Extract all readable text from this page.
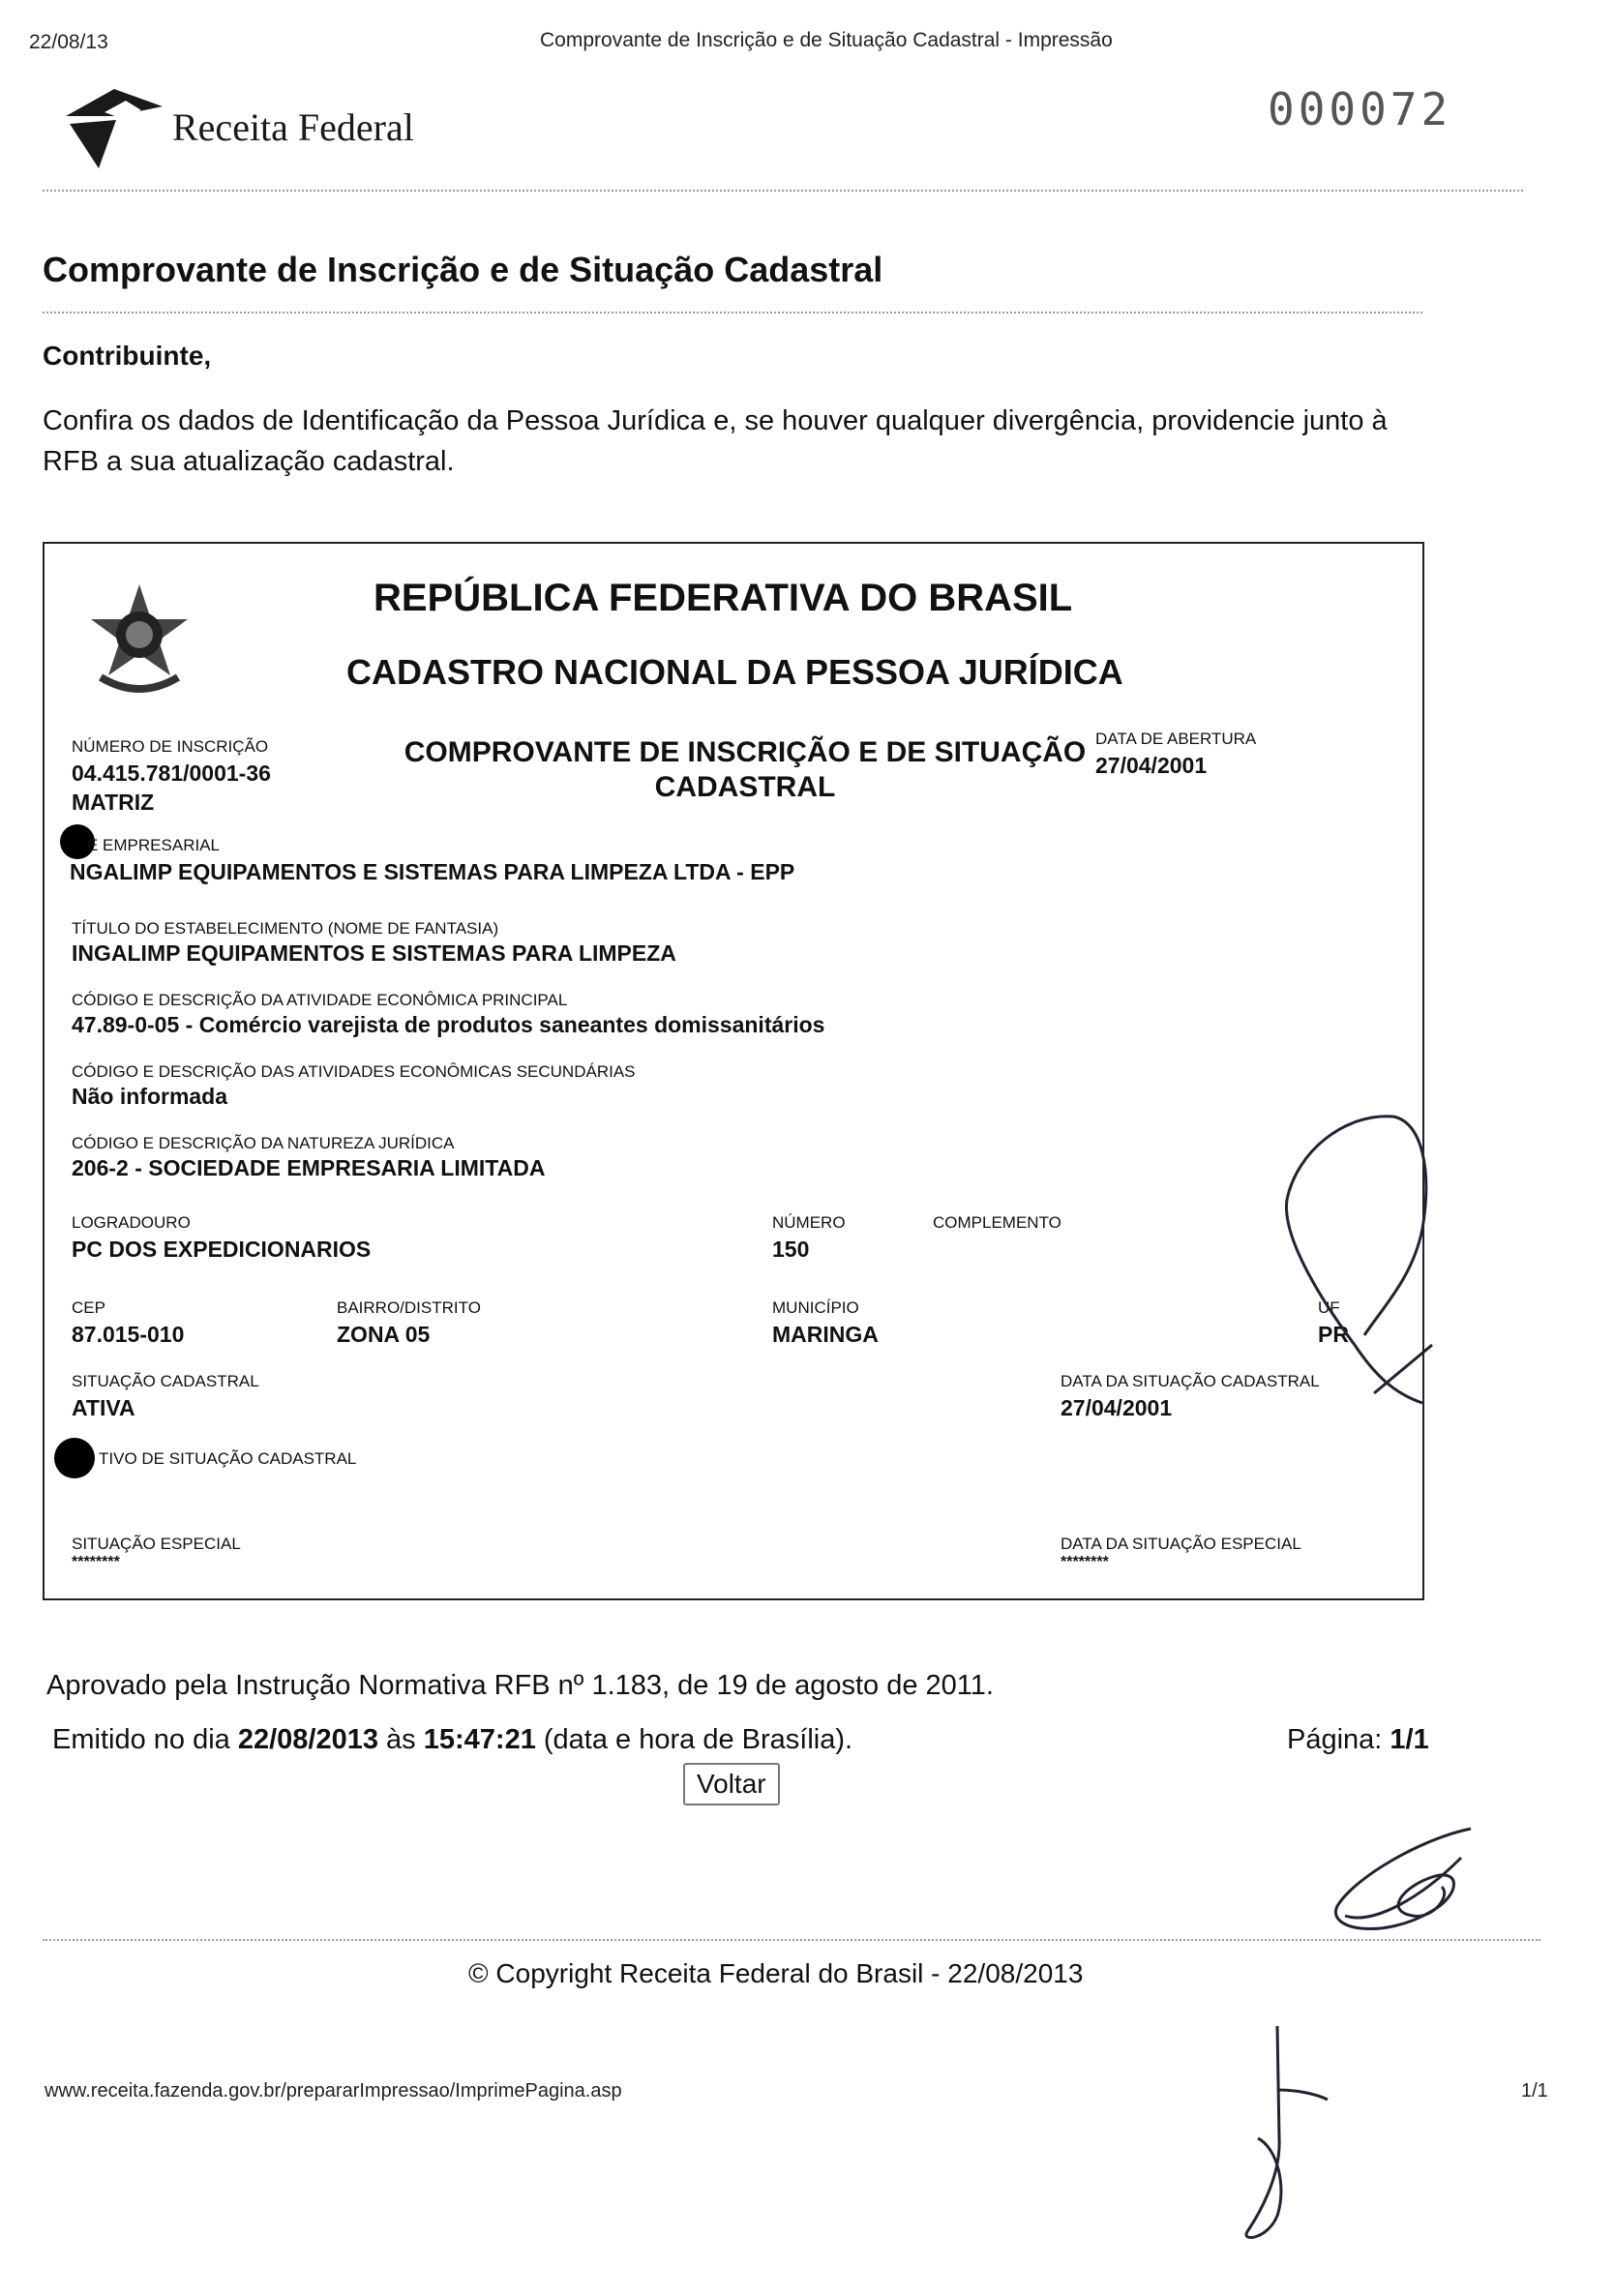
22/08/13	Comprovante de Inscrição e de Situação Cadastral - Impressão
Receita Federal	000072
Comprovante de Inscrição e de Situação Cadastral
Contribuinte,
Confira os dados de Identificação da Pessoa Jurídica e, se houver qualquer divergência, providencie junto à RFB a sua atualização cadastral.
REPÚBLICA FEDERATIVA DO BRASIL
CADASTRO NACIONAL DA PESSOA JURÍDICA
NÚMERO DE INSCRIÇÃO
04.415.781/0001-36
MATRIZ
COMPROVANTE DE INSCRIÇÃO E DE SITUAÇÃO
CADASTRAL
DATA DE ABERTURA
27/04/2001
E EMPRESARIAL
NGALIMP EQUIPAMENTOS E SISTEMAS PARA LIMPEZA LTDA - EPP
TÍTULO DO ESTABELECIMENTO (NOME DE FANTASIA)
INGALIMP EQUIPAMENTOS E SISTEMAS PARA LIMPEZA
CÓDIGO E DESCRIÇÃO DA ATIVIDADE ECONÔMICA PRINCIPAL
47.89-0-05 - Comércio varejista de produtos saneantes domissanitários
CÓDIGO E DESCRIÇÃO DAS ATIVIDADES ECONÔMICAS SECUNDÁRIAS
Não informada
CÓDIGO E DESCRIÇÃO DA NATUREZA JURÍDICA
206-2 - SOCIEDADE EMPRESARIA LIMITADA
LOGRADOURO
PC DOS EXPEDICIONARIOS
NÚMERO
150
COMPLEMENTO
CEP
87.015-010
BAIRRO/DISTRITO
ZONA 05
MUNICÍPIO
MARINGA
UF
PR
SITUAÇÃO CADASTRAL
ATIVA
DATA DA SITUAÇÃO CADASTRAL
27/04/2001
TIVO DE SITUAÇÃO CADASTRAL
SITUAÇÃO ESPECIAL
********
DATA DA SITUAÇÃO ESPECIAL
********
Aprovado pela Instrução Normativa RFB nº 1.183, de 19 de agosto de 2011.
Emitido no dia 22/08/2013 às 15:47:21 (data e hora de Brasília).	Página: 1/1
Voltar
© Copyright Receita Federal do Brasil - 22/08/2013
www.receita.fazenda.gov.br/prepararImpressao/ImprimePagina.asp	1/1
